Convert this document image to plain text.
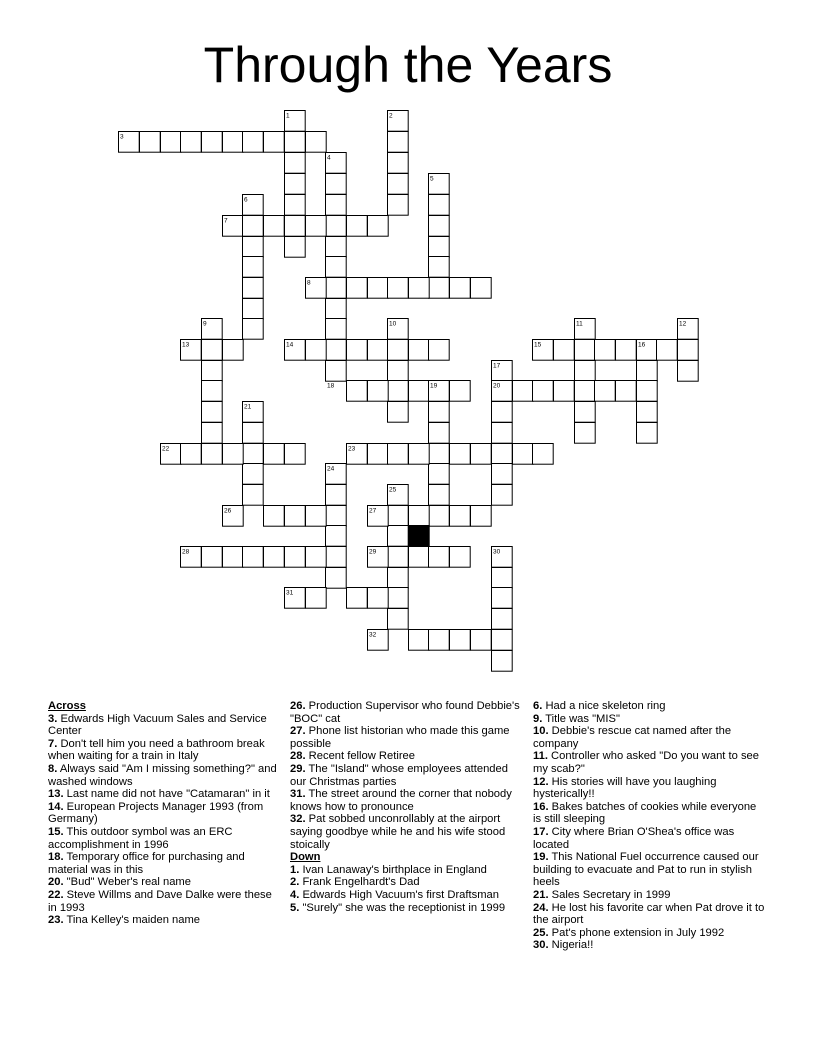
Through the Years
1	2
3
4
5
6
7
8
9	10	11	12
13	14	15	16
17
18	19	20
21
22	23
24
25
26	27
28	29	30
31
32
Across
3. Edwards High Vacuum Sales and Service Center
7. Don't tell him you need a bathroom break when waiting for a train in Italy
8. Always said "Am I missing something?" and washed windows
13. Last name did not have "Catamaran" in it
14. European Projects Manager 1993 (from Germany)
15. This outdoor symbol was an ERC accomplishment in 1996
18. Temporary office for purchasing and material was in this
20. "Bud" Weber's real name
22. Steve Willms and Dave Dalke were these in 1993
23. Tina Kelley's maiden name
26. Production Supervisor who found Debbie's "BOC" cat
27. Phone list historian who made this game possible
28. Recent fellow Retiree
29. The "Island" whose employees attended our Christmas parties
31. The street around the corner that nobody knows how to pronounce
32. Pat sobbed unconrollably at the airport saying goodbye while he and his wife stood stoically
Down
1. Ivan Lanaway's birthplace in England
2. Frank Engelhardt's Dad
4. Edwards High Vacuum's first Draftsman
5. "Surely" she was the receptionist in 1999
6. Had a nice skeleton ring
9. Title was "MIS"
10. Debbie's rescue cat named after the company
11. Controller who asked "Do you want to see my scab?"
12. His stories will have you laughing hysterically!!
16. Bakes batches of cookies while everyone is still sleeping
17. City where Brian O'Shea's office was located
19. This National Fuel occurrence caused our building to evacuate and Pat to run in stylish heels
21. Sales Secretary in 1999
24. He lost his favorite car when Pat drove it to the airport
25. Pat's phone extension in July 1992
30. Nigeria!!
